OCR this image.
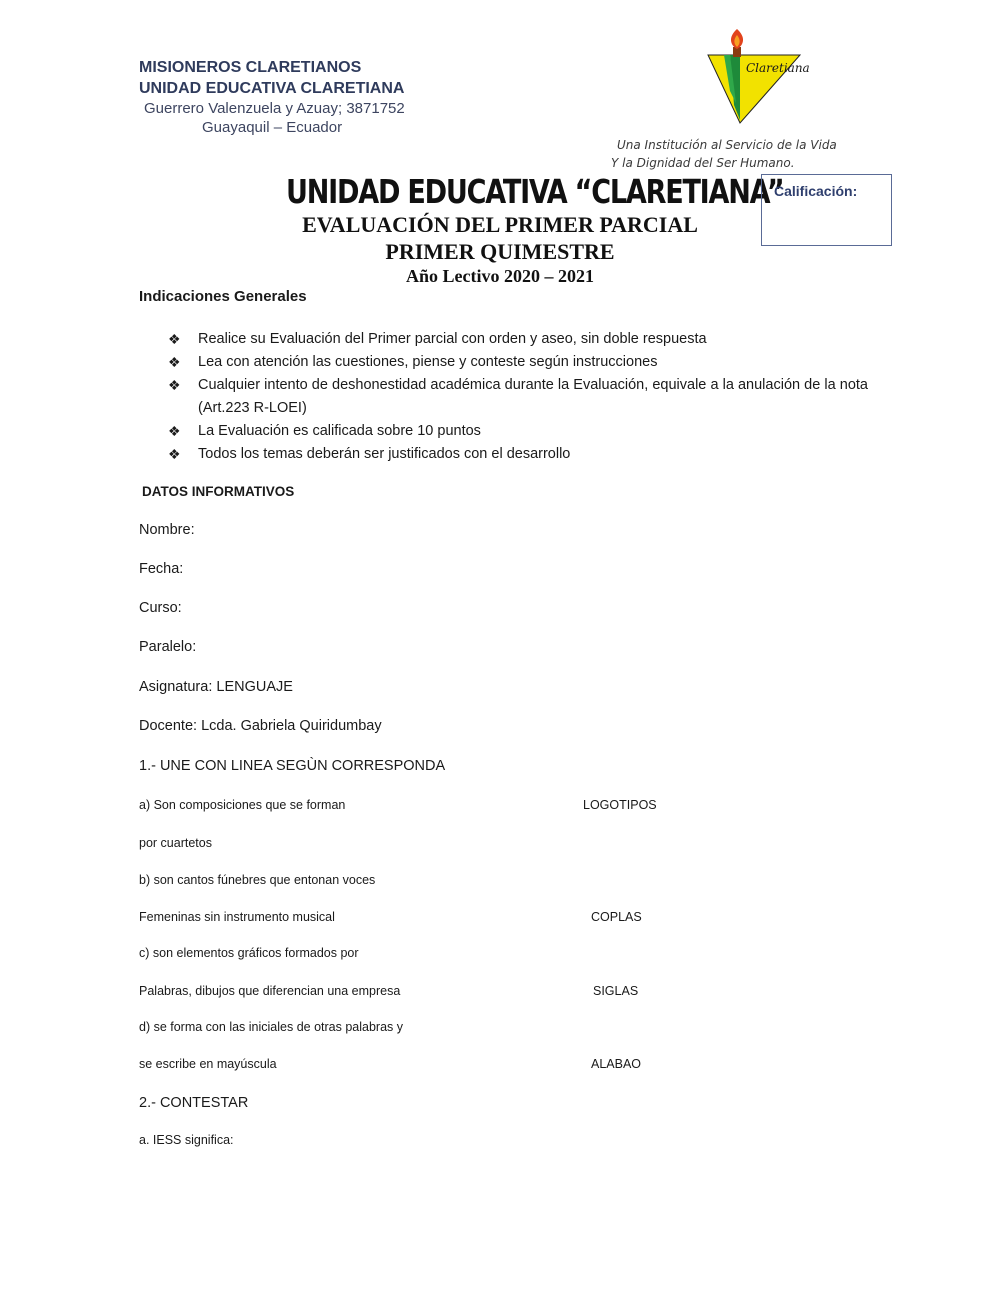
MISIONEROS CLARETIANOS
UNIDAD EDUCATIVA CLARETIANA
Guerrero Valenzuela y Azuay; 3871752
Guayaquil – Ecuador
Claretiana
Una Institución al Servicio de la Vida
Y la Dignidad del Ser Humano.
UNIDAD EDUCATIVA “CLARETIANA”
EVALUACIÓN DEL PRIMER PARCIAL
PRIMER QUIMESTRE
Año Lectivo 2020 – 2021
Calificación:
Indicaciones Generales
❖ Realice su Evaluación del Primer parcial con orden y aseo, sin doble respuesta
❖ Lea con atención las cuestiones, piense y conteste según instrucciones
❖ Cualquier intento de deshonestidad académica durante la Evaluación, equivale a la anulación de la nota (Art.223 R-LOEI)
❖ La Evaluación es calificada sobre 10 puntos
❖ Todos los temas deberán ser justificados con el desarrollo
DATOS INFORMATIVOS
Nombre:
Fecha:
Curso:
Paralelo:
Asignatura: LENGUAJE
Docente: Lcda. Gabriela Quiridumbay
1.- UNE CON LINEA SEGÙN CORRESPONDA
a) Son composiciones que se forman
por cuartetos
b) son cantos fúnebres que entonan voces
Femeninas sin instrumento musical
c) son elementos gráficos formados por
Palabras, dibujos que diferencian una empresa
d) se forma con las iniciales de otras palabras y
se escribe en mayúscula
LOGOTIPOS
COPLAS
SIGLAS
ALABAO
2.- CONTESTAR
a. IESS significa:
